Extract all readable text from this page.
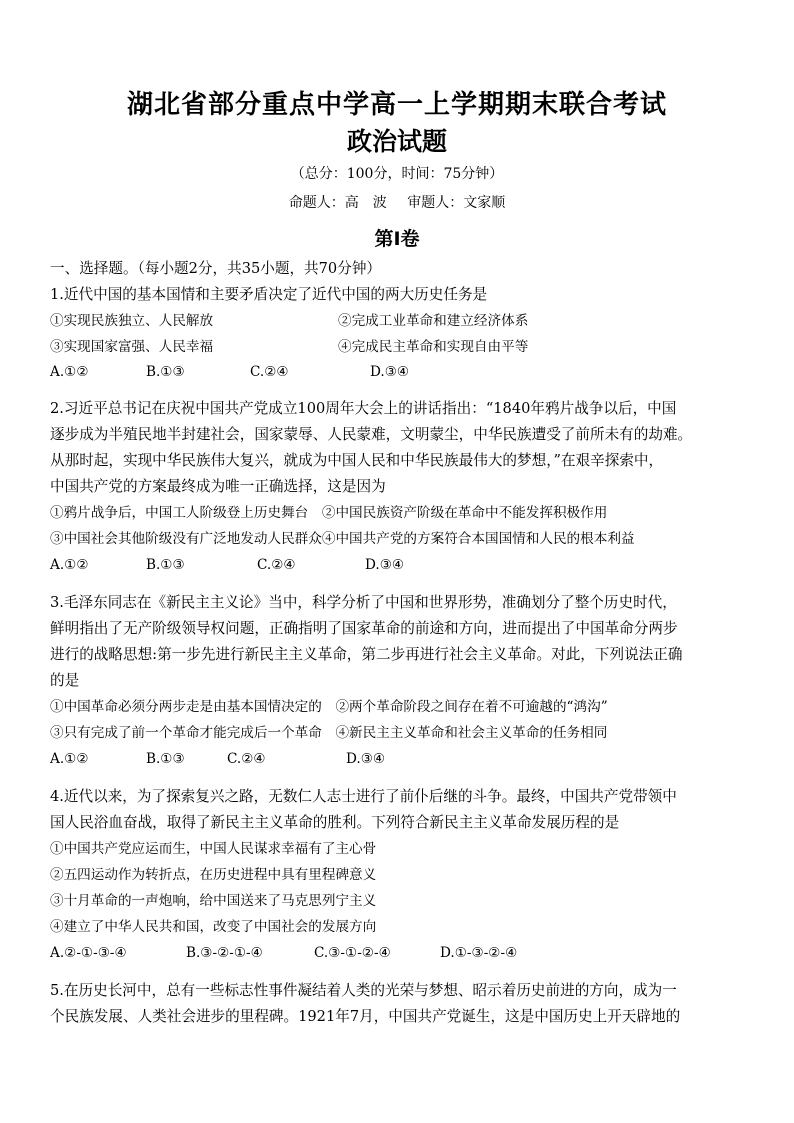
湖北省部分重点中学高一上学期期末联合考试
政治试题
（总分：100分，时间：75分钟）
命题人：高　波 审题人：文家顺
第Ⅰ卷
一、选择题。（每小题2分，共35小题，共70分钟）
1.近代中国的基本国情和主要矛盾决定了近代中国的两大历史任务是
①实现民族独立、人民解放	②完成工业革命和建立经济体系
③实现国家富强、人民幸福	④完成民主革命和实现自由平等
A.①②	B.①③	C.②④	D.③④
2.习近平总书记在庆祝中国共产党成立100周年大会上的讲话指出：“1840年鸦片战争以后，中国
逐步成为半殖民地半封建社会，国家蒙辱、人民蒙难，文明蒙尘，中华民族遭受了前所未有的劫难。
从那时起，实现中华民族伟大复兴，就成为中国人民和中华民族最伟大的梦想，”在艰辛探索中，
中国共产党的方案最终成为唯一正确选择，这是因为
①鸦片战争后，中国工人阶级登上历史舞台　②中国民族资产阶级在革命中不能发挥积极作用
③中国社会其他阶级没有广泛地发动人民群众④中国共产党的方案符合本国国情和人民的根本利益
A.①②	B.①③	C.②④	D.③④
3.毛泽东同志在《新民主主义论》当中，科学分析了中国和世界形势，准确划分了整个历史时代，
鲜明指出了无产阶级领导权问题，正确指明了国家革命的前途和方向，进而提出了中国革命分两步
进行的战略思想:第一步先进行新民主主义革命，第二步再进行社会主义革命。对此，下列说法正确
的是
①中国革命必须分两步走是由基本国情决定的　②两个革命阶段之间存在着不可逾越的“鸿沟”
③只有完成了前一个革命才能完成后一个革命　④新民主主义革命和社会主义革命的任务相同
A.①②	B.①③	C.②④	D.③④
4.近代以来，为了探索复兴之路，无数仁人志士进行了前仆后继的斗争。最终，中国共产党带领中
国人民浴血奋战，取得了新民主主义革命的胜利。下列符合新民主主义革命发展历程的是
①中国共产党应运而生，中国人民谋求幸福有了主心骨
②五四运动作为转折点，在历史进程中具有里程碑意义
③十月革命的一声炮响，给中国送来了马克思列宁主义
④建立了中华人民共和国，改变了中国社会的发展方向
A.②-①-③-④	B.③-②-①-④	C.③-①-②-④	D.①-③-②-④
5.在历史长河中，总有一些标志性事件凝结着人类的光荣与梦想、昭示着历史前进的方向，成为一
个民族发展、人类社会进步的里程碑。1921年7月，中国共产党诞生，这是中国历史上开天辟地的
